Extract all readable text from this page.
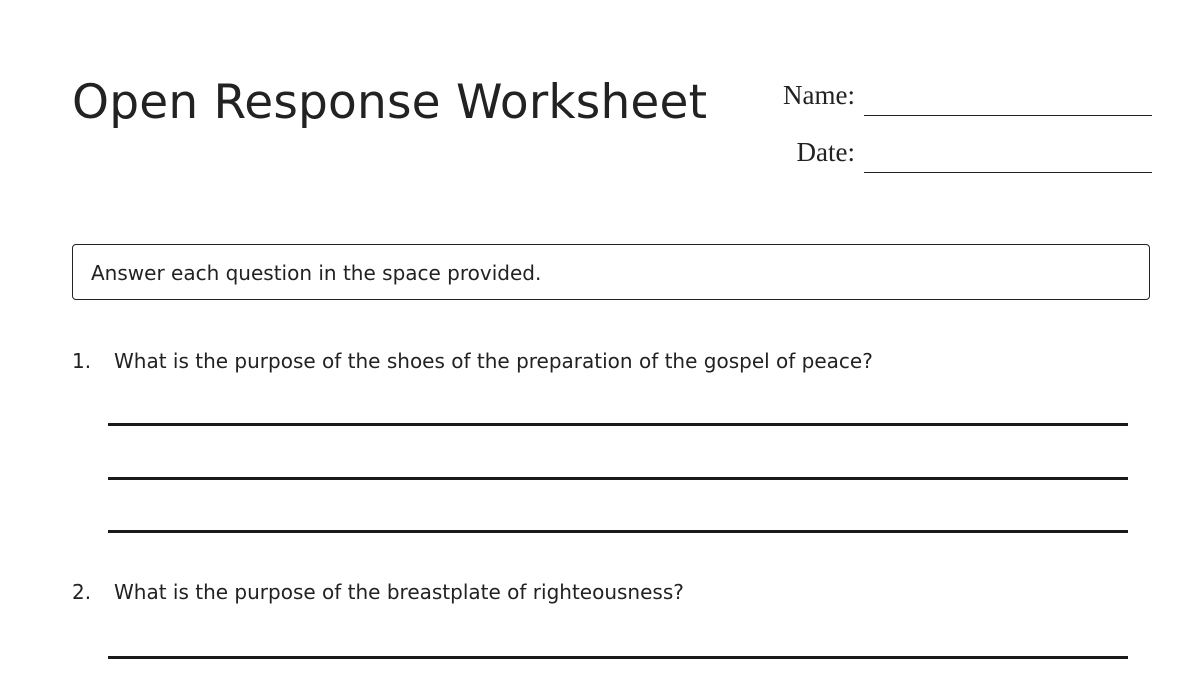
Open Response Worksheet	Name:
Date:
Answer each question in the space provided.
1. What is the purpose of the shoes of the preparation of the gospel of peace?
2. What is the purpose of the breastplate of righteousness?
